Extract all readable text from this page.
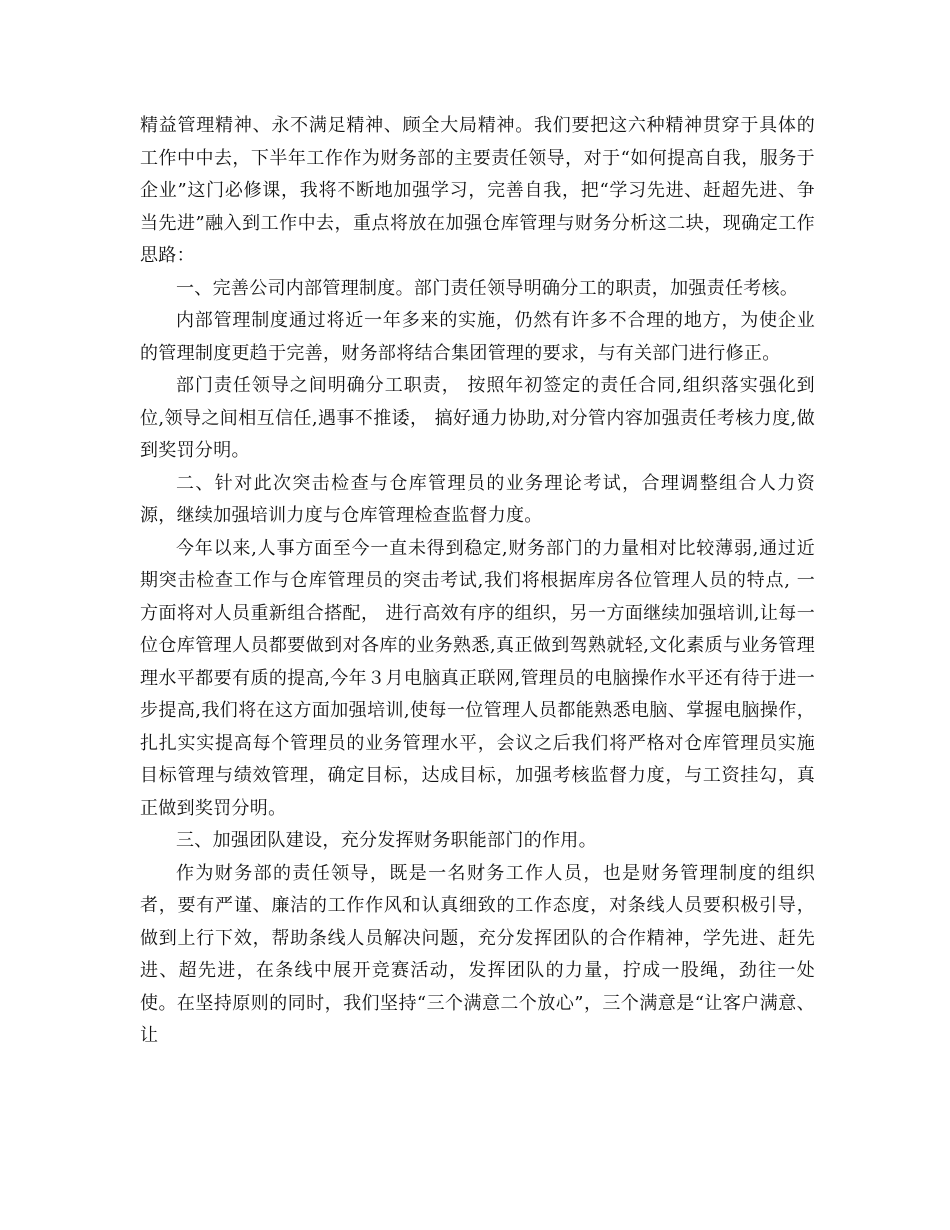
精益管理精神、永不满足精神、顾全大局精神。我们要把这六种精神贯穿于具体的工作中中去，下半年工作作为财务部的主要责任领导，对于“如何提高自我，服务于企业”这门必修课，我将不断地加强学习，完善自我，把“学习先进、赶超先进、争当先进”融入到工作中去，重点将放在加强仓库管理与财务分析这二块，现确定工作思路：

一、完善公司内部管理制度。部门责任领导明确分工的职责，加强责任考核。

内部管理制度通过将近一年多来的实施，仍然有许多不合理的地方，为使企业的管理制度更趋于完善，财务部将结合集团管理的要求，与有关部门进行修正。

部门责任领导之间明确分工职责， 按照年初签定的责任合同,组织落实强化到位,领导之间相互信任,遇事不推诿， 搞好通力协助,对分管内容加强责任考核力度,做到奖罚分明。

二、针对此次突击检查与仓库管理员的业务理论考试，合理调整组合人力资源，继续加强培训力度与仓库管理检查监督力度。

今年以来,人事方面至今一直未得到稳定,财务部门的力量相对比较薄弱,通过近期突击检查工作与仓库管理员的突击考试,我们将根据库房各位管理人员的特点, 一方面将对人员重新组合搭配， 进行高效有序的组织，另一方面继续加强培训,让每一位仓库管理人员都要做到对各库的业务熟悉,真正做到驾熟就轻,文化素质与业务管理理水平都要有质的提高,今年３月电脑真正联网,管理员的电脑操作水平还有待于进一步提高,我们将在这方面加强培训,使每一位管理人员都能熟悉电脑、掌握电脑操作，扎扎实实提高每个管理员的业务管理水平，会议之后我们将严格对仓库管理员实施目标管理与绩效管理，确定目标，达成目标，加强考核监督力度，与工资挂勾，真正做到奖罚分明。

三、加强团队建设，充分发挥财务职能部门的作用。

作为财务部的责任领导，既是一名财务工作人员，也是财务管理制度的组织者，要有严谨、廉洁的工作作风和认真细致的工作态度，对条线人员要积极引导，做到上行下效，帮助条线人员解决问题，充分发挥团队的合作精神，学先进、赶先进、超先进，在条线中展开竞赛活动，发挥团队的力量，拧成一股绳，劲往一处使。在坚持原则的同时，我们坚持“三个满意二个放心”，三个满意是“让客户满意、让
